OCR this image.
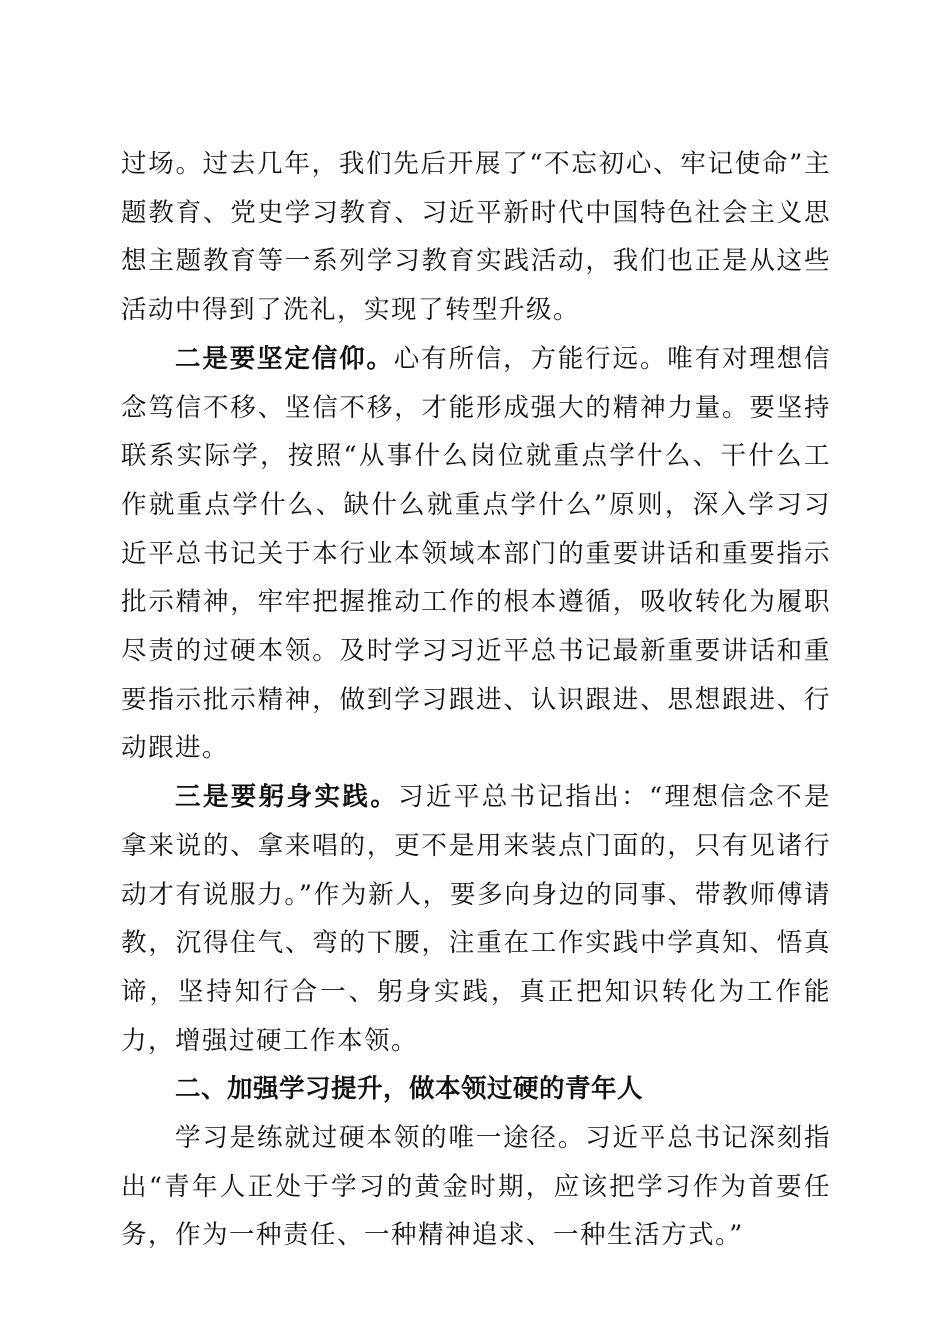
过场。过去几年，我们先后开展了“不忘初心、牢记使命”主题教育、党史学习教育、习近平新时代中国特色社会主义思想主题教育等一系列学习教育实践活动，我们也正是从这些活动中得到了洗礼，实现了转型升级。

二是要坚定信仰。心有所信，方能行远。唯有对理想信念笃信不移、坚信不移，才能形成强大的精神力量。要坚持联系实际学，按照“从事什么岗位就重点学什么、干什么工作就重点学什么、缺什么就重点学什么”原则，深入学习习近平总书记关于本行业本领域本部门的重要讲话和重要指示批示精神，牢牢把握推动工作的根本遵循，吸收转化为履职尽责的过硬本领。及时学习习近平总书记最新重要讲话和重要指示批示精神，做到学习跟进、认识跟进、思想跟进、行动跟进。

三是要躬身实践。习近平总书记指出：“理想信念不是拿来说的、拿来唱的，更不是用来装点门面的，只有见诸行动才有说服力。”作为新人，要多向身边的同事、带教师傅请教，沉得住气、弯的下腰，注重在工作实践中学真知、悟真谛，坚持知行合一、躬身实践，真正把知识转化为工作能力，增强过硬工作本领。

二、加强学习提升，做本领过硬的青年人

学习是练就过硬本领的唯一途径。习近平总书记深刻指出“青年人正处于学习的黄金时期，应该把学习作为首要任务，作为一种责任、一种精神追求、一种生活方式。”
